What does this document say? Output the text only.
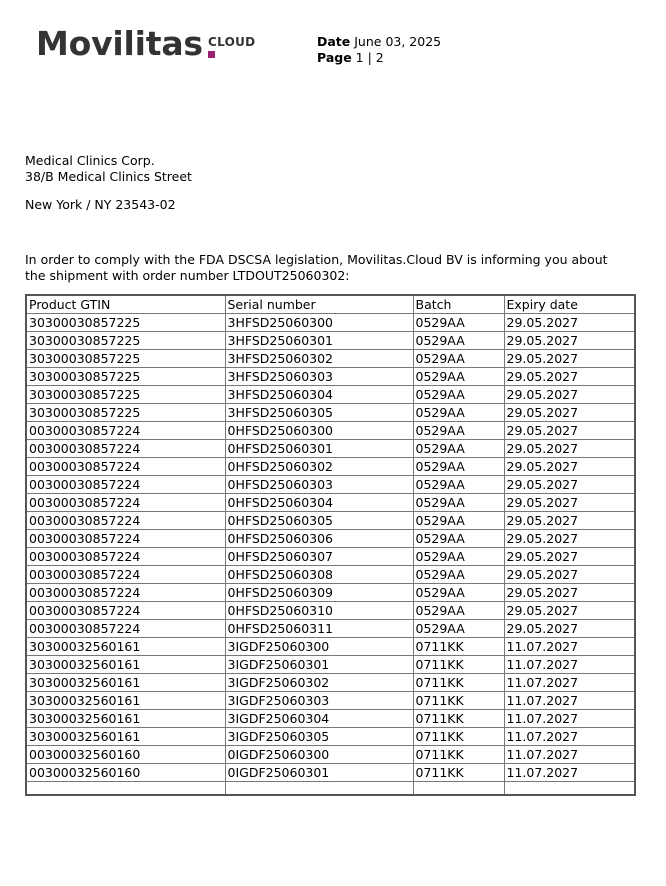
Movilitas CLOUD	Date June 03, 2025
Page 1 | 2
Medical Clinics Corp.
38/B Medical Clinics Street
New York / NY 23543-02
In order to comply with the FDA DSCSA legislation, Movilitas.Cloud BV is informing you about the shipment with order number LTDOUT25060302:
Product GTIN	Serial number	Batch	Expiry date
30300030857225	3HFSD25060300	0529AA	29.05.2027
30300030857225	3HFSD25060301	0529AA	29.05.2027
30300030857225	3HFSD25060302	0529AA	29.05.2027
30300030857225	3HFSD25060303	0529AA	29.05.2027
30300030857225	3HFSD25060304	0529AA	29.05.2027
30300030857225	3HFSD25060305	0529AA	29.05.2027
00300030857224	0HFSD25060300	0529AA	29.05.2027
00300030857224	0HFSD25060301	0529AA	29.05.2027
00300030857224	0HFSD25060302	0529AA	29.05.2027
00300030857224	0HFSD25060303	0529AA	29.05.2027
00300030857224	0HFSD25060304	0529AA	29.05.2027
00300030857224	0HFSD25060305	0529AA	29.05.2027
00300030857224	0HFSD25060306	0529AA	29.05.2027
00300030857224	0HFSD25060307	0529AA	29.05.2027
00300030857224	0HFSD25060308	0529AA	29.05.2027
00300030857224	0HFSD25060309	0529AA	29.05.2027
00300030857224	0HFSD25060310	0529AA	29.05.2027
00300030857224	0HFSD25060311	0529AA	29.05.2027
30300032560161	3IGDF25060300	0711KK	11.07.2027
30300032560161	3IGDF25060301	0711KK	11.07.2027
30300032560161	3IGDF25060302	0711KK	11.07.2027
30300032560161	3IGDF25060303	0711KK	11.07.2027
30300032560161	3IGDF25060304	0711KK	11.07.2027
30300032560161	3IGDF25060305	0711KK	11.07.2027
00300032560160	0IGDF25060300	0711KK	11.07.2027
00300032560160	0IGDF25060301	0711KK	11.07.2027
